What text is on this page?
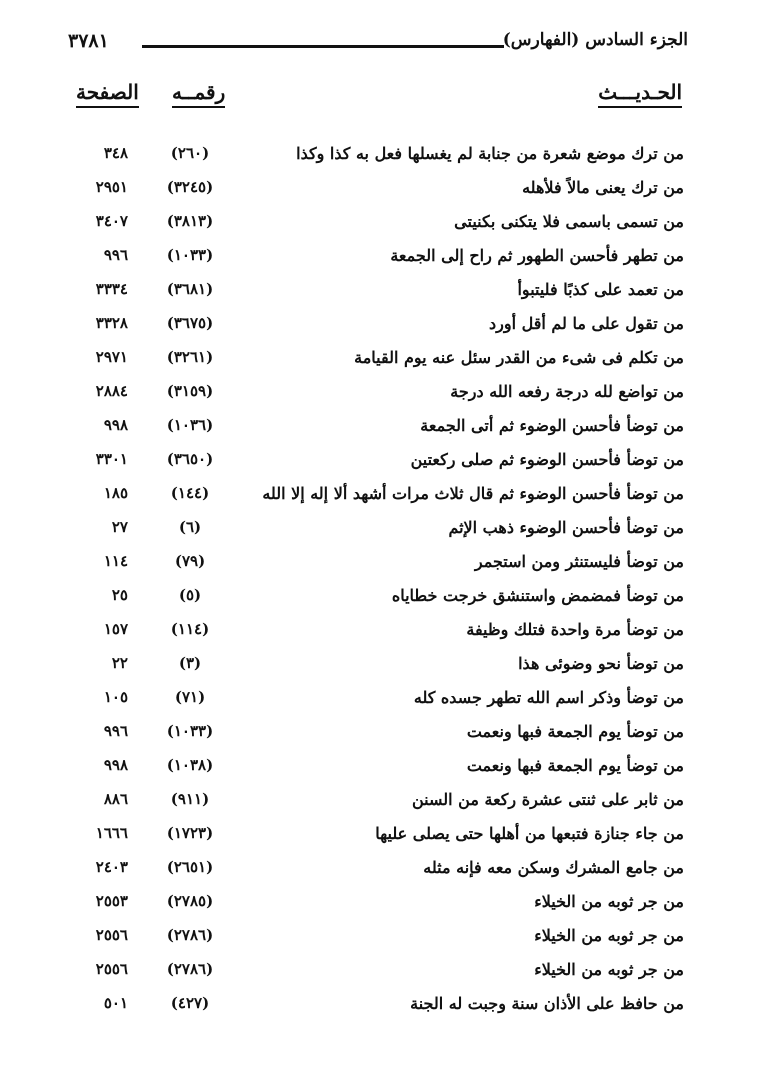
٣٧٨١	الجزء السادس (الفهارس)
الصفحة رقمــه	الحـديـــث
من ترك موضع شعرة من جنابة لم يغسلها فعل به كذا وكذا
(٢٦٠)
٣٤٨
من ترك يعنى مالاً فلأهله
(٣٢٤٥)
٢٩٥١
من تسمى باسمى فلا يتكنى بكنيتى
(٣٨١٣)
٣٤٠٧
من تطهر فأحسن الطهور ثم راح إلى الجمعة
(١٠٣٣)
٩٩٦
من تعمد على كذبًا فليتبوأ
(٣٦٨١)
٣٣٣٤
من تقول على ما لم أقل أورد
(٣٦٧٥)
٣٣٢٨
من تكلم فى شىء من القدر سئل عنه يوم القيامة
(٣٢٦١)
٢٩٧١
من تواضع لله درجة رفعه الله درجة
(٣١٥٩)
٢٨٨٤
من توضأ فأحسن الوضوء ثم أتى الجمعة
(١٠٣٦)
٩٩٨
من توضأ فأحسن الوضوء ثم صلى ركعتين
(٣٦٥٠)
٣٣٠١
من توضأ فأحسن الوضوء ثم قال ثلاث مرات أشهد ألا إله إلا الله
(١٤٤)
١٨٥
من توضأ فأحسن الوضوء ذهب الإثم
(٦)
٢٧
من توضأ فليستنثر ومن استجمر
(٧٩)
١١٤
من توضأ فمضمض واستنشق خرجت خطاياه
(٥)
٢٥
من توضأ مرة واحدة فتلك وظيفة
(١١٤)
١٥٧
من توضأ نحو وضوئى هذا
(٣)
٢٢
من توضأ وذكر اسم الله تطهر جسده كله
(٧١)
١٠٥
من توضأ يوم الجمعة فبها ونعمت
(١٠٣٣)
٩٩٦
من توضأ يوم الجمعة فبها ونعمت
(١٠٣٨)
٩٩٨
من ثابر على ثنتى عشرة ركعة من السنن
(٩١١)
٨٨٦
من جاء جنازة فتبعها من أهلها حتى يصلى عليها
(١٧٢٣)
١٦٦٦
من جامع المشرك وسكن معه فإنه مثله
(٢٦٥١)
٢٤٠٣
من جر ثوبه من الخيلاء
(٢٧٨٥)
٢٥٥٣
من جر ثوبه من الخيلاء
(٢٧٨٦)
٢٥٥٦
من جر ثوبه من الخيلاء
(٢٧٨٦)
٢٥٥٦
من حافظ على الأذان سنة وجبت له الجنة
(٤٢٧)
٥٠١
